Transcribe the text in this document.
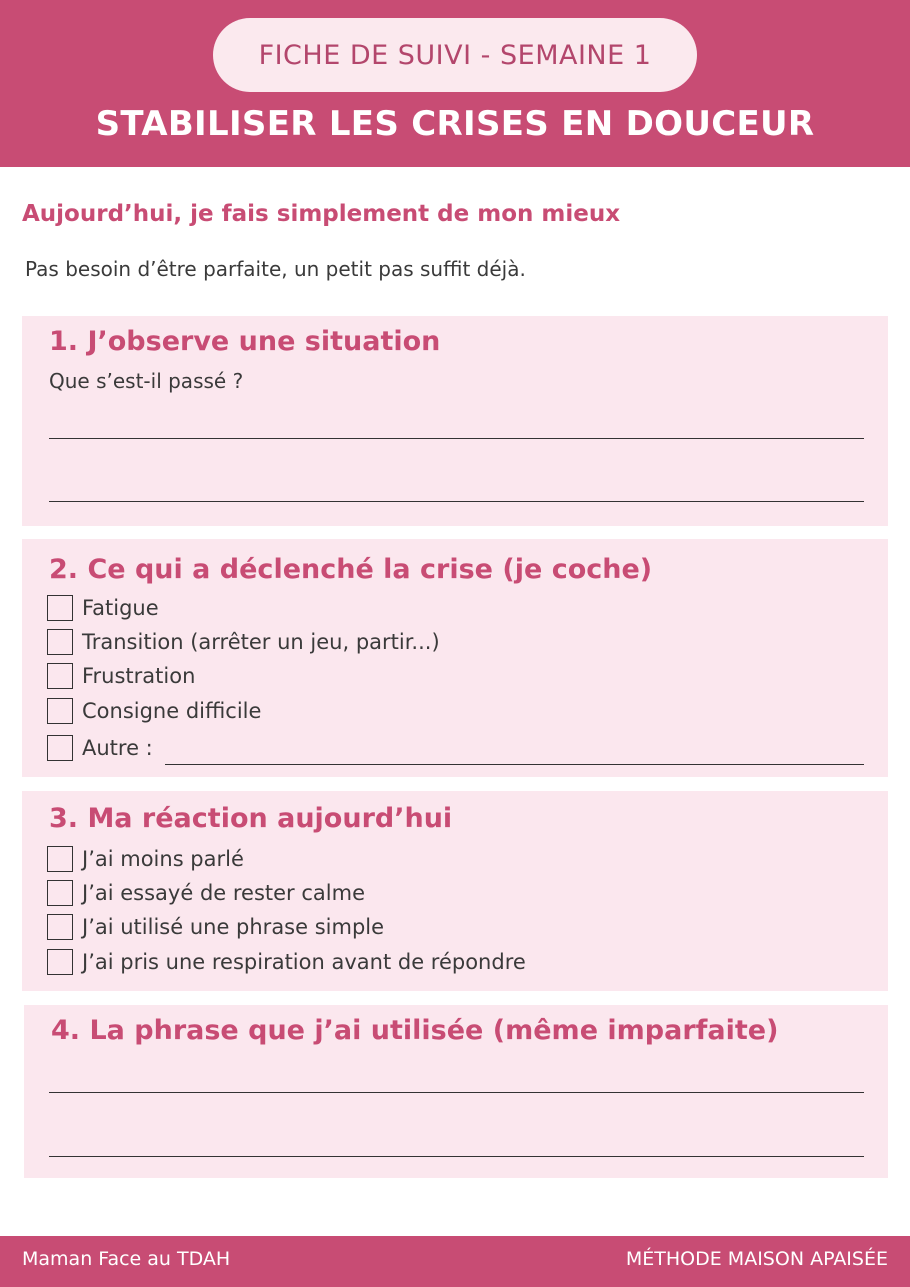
FICHE DE SUIVI - SEMAINE 1
STABILISER LES CRISES EN DOUCEUR
Aujourd’hui, je fais simplement de mon mieux
Pas besoin d’être parfaite, un petit pas suffit déjà.
1. J’observe une situation
Que s’est-il passé ?
2. Ce qui a déclenché la crise (je coche)
Fatigue
Transition (arrêter un jeu, partir...)
Frustration
Consigne difficile
Autre :
3. Ma réaction aujourd’hui
J’ai moins parlé
J’ai essayé de rester calme
J’ai utilisé une phrase simple
J’ai pris une respiration avant de répondre
4. La phrase que j’ai utilisée (même imparfaite)
Maman Face au TDAH	MÉTHODE MAISON APAISÉE
